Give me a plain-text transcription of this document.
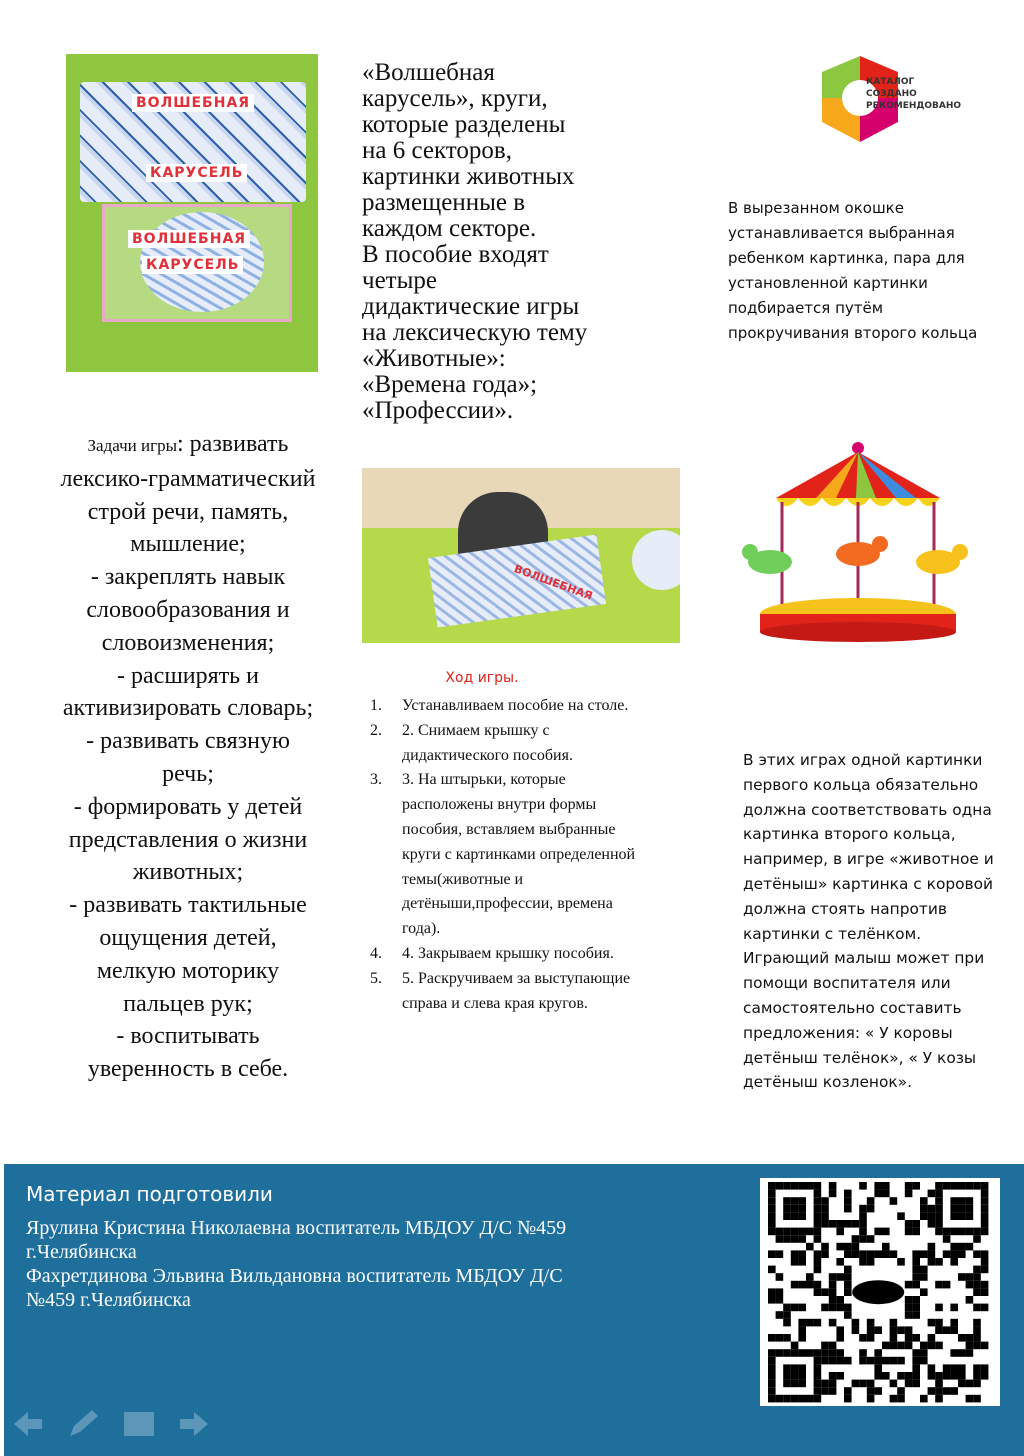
ВОЛШЕБНАЯ
КАРУСЕЛЬ
ВОЛШЕБНАЯ
КАРУСЕЛЬ
«Волшебная
карусель», круги,
которые разделены
на 6 секторов,
картинки животных
размещенные в
каждом секторе.
В пособие входят
четыре
дидактические игры
на лексическую тему
«Животные»:
«Времена года»;
«Профессии».
КАТАЛОГ
СОЗДАНО
РЕКОМЕНДОВАНО
В вырезанном окошке
устанавливается выбранная
ребенком картинка, пара для
установленной картинки
подбирается путём
прокручивания второго кольца
Задачи игры: развивать
лексико-грамматический
строй речи, память,
мышление;
- закреплять навык
словообразования и
словоизменения;
- расширять и
активизировать словарь;
- развивать связную
речь;
- формировать у детей
представления о жизни
животных;
- развивать тактильные
ощущения детей,
мелкую моторику
пальцев рук;
- воспитывать
уверенность в себе.
ВОЛШЕБНАЯ
Ход игры.
1. Устанавливаем пособие на столе.
2. 2. Снимаем крышку с дидактического пособия.
3. 3. На штырьки, которые расположены внутри формы пособия, вставляем выбранные круги с картинками определенной темы(животные и детёныши,профессии, времена года).
4. 4. Закрываем крышку пособия.
5. 5. Раскручиваем за выступающие справа и слева края кругов.
В этих играх одной картинки
первого кольца обязательно
должна соответствовать одна
картинка второго кольца,
например, в игре «животное и
детёныш» картинка с коровой
должна стоять напротив
картинки с телёнком.
Играющий малыш может при
помощи воспитателя или
самостоятельно составить
предложения: « У коровы
детёныш телёнок», « У козы
детёныш козленок».
Материал подготовили
Ярулина Кристина Николаевна воспитатель МБДОУ Д/С №459
г.Челябинска
Фахретдинова Эльвина Вильдановна воспитатель МБДОУ Д/С
№459 г.Челябинска
